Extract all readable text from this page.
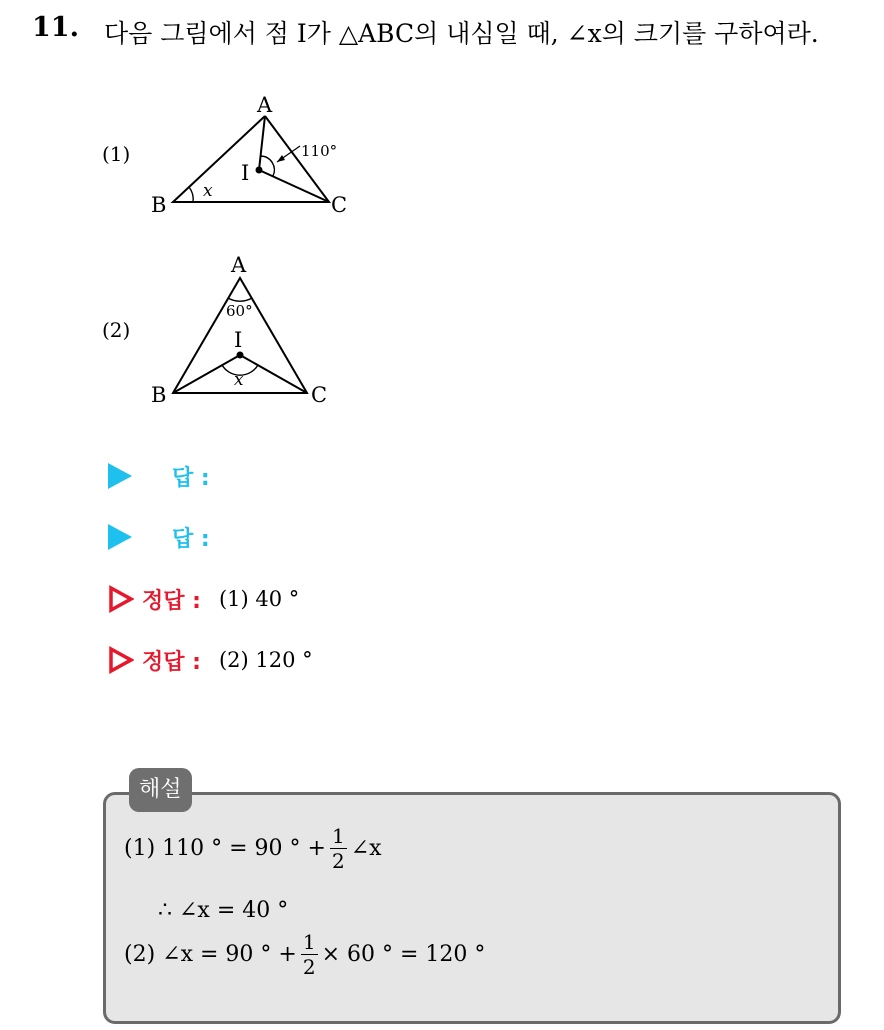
11. 다음 그림에서 점 I가 △ABC의 내심일 때, ∠x의 크기를 구하여라.
(1)
A
B	C
I
110°
x
(2)
A
B	C
I
60°
x
답 :
답 :
정답 : (1) 40 °
정답 : (2) 120 °
해설
(1) 110 ° = 90 ° + $\frac{1}{2}$ ∠x
∴ ∠x = 40 °
(2) ∠x = 90 ° + $\frac{1}{2} \times 60$ ° = 120 °
